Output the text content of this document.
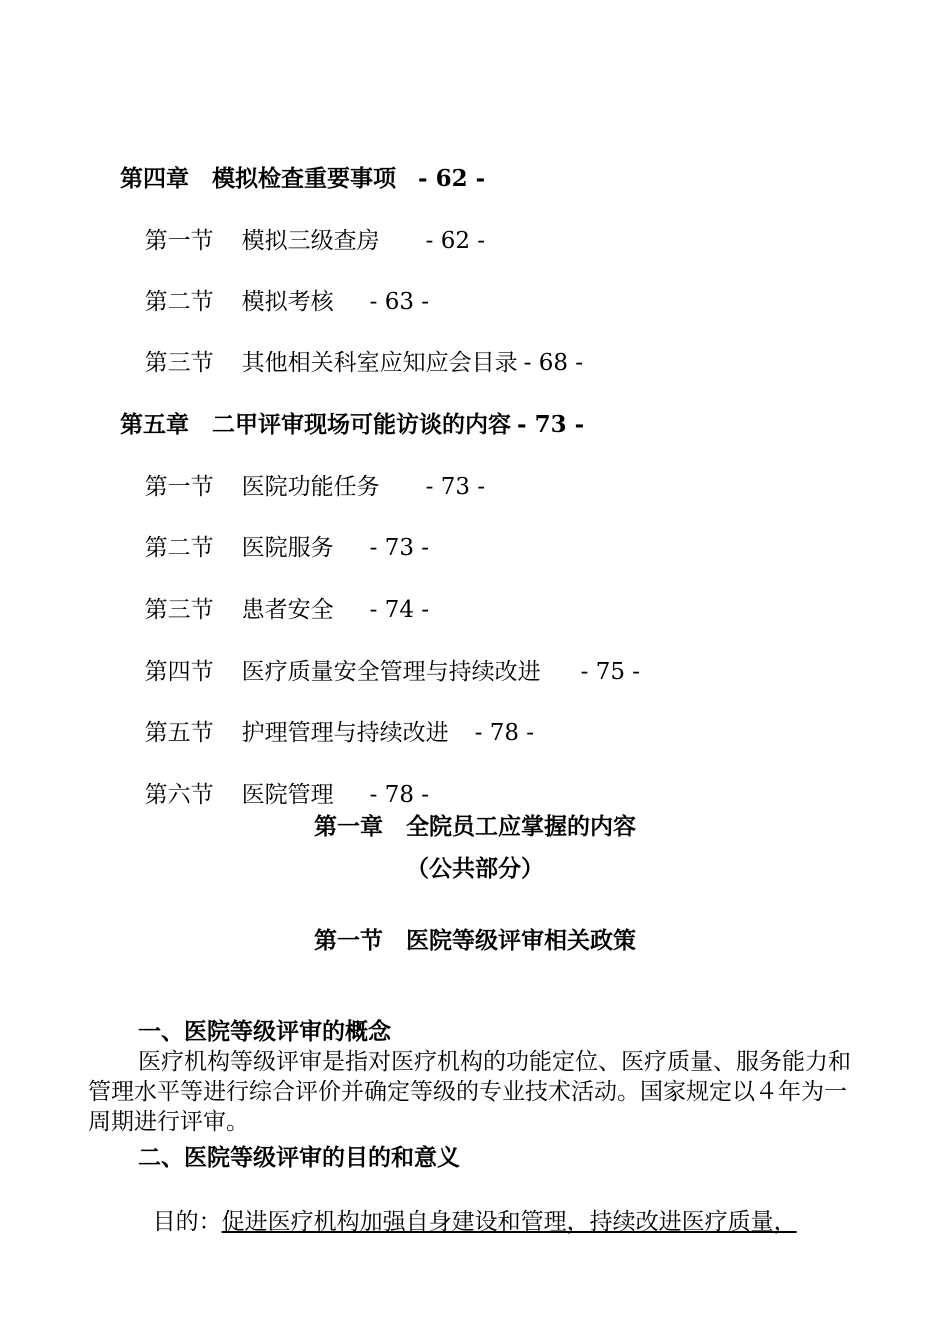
第四章　模拟检查重要事项 - 62 -

第一节 模拟三级查房 - 62 -

第二节 模拟考核 - 63 -

第三节 其他相关科室应知应会目录 - 68 -

第五章　二甲评审现场可能访谈的内容 - 73 -

第一节 医院功能任务 - 73 -

第二节 医院服务 - 73 -

第三节 患者安全 - 74 -

第四节 医疗质量安全管理与持续改进 - 75 -

第五节 护理管理与持续改进 - 78 -

第六节 医院管理 - 78 -

第一章　全院员工应掌握的内容
（公共部分）
第一节　医院等级评审相关政策
一、医院等级评审的概念
医疗机构等级评审是指对医疗机构的功能定位、医疗质量、服务能力和管理水平等进行综合评价并确定等级的专业技术活动。国家规定以４年为一周期进行评审。
二、医院等级评审的目的和意义

目的：促进医疗机构加强自身建设和管理，持续改进医疗质量，
